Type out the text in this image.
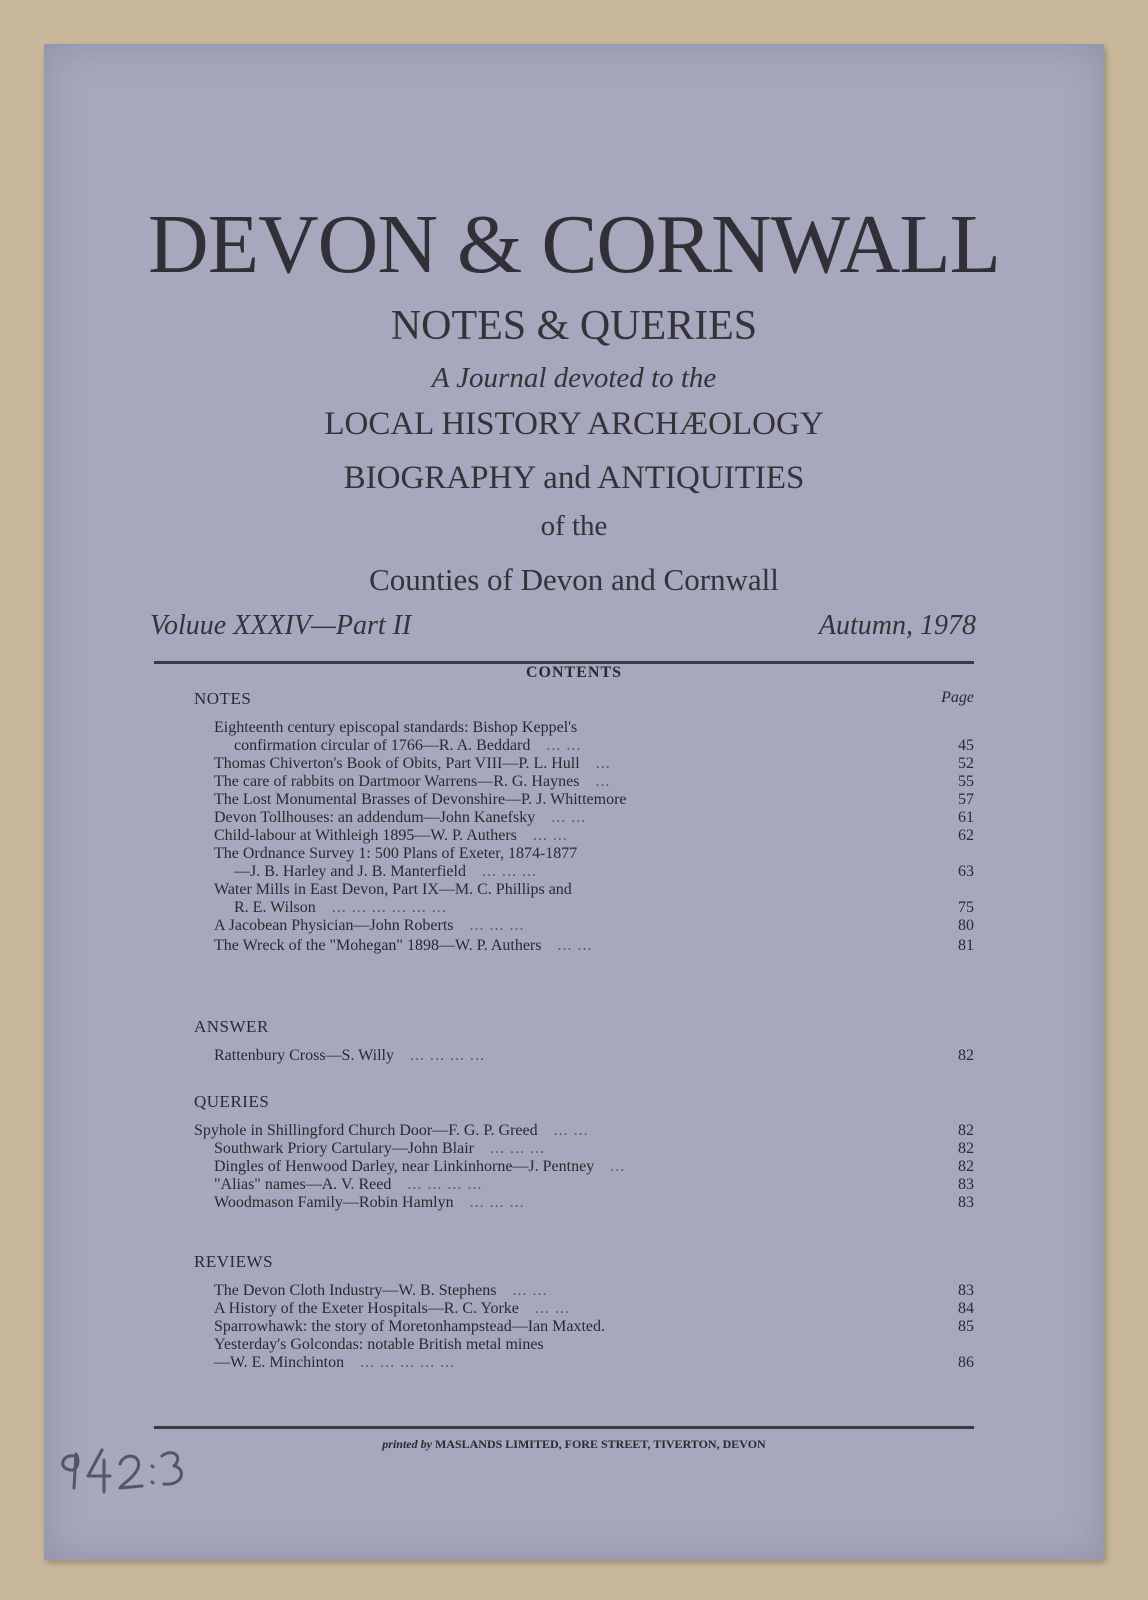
DEVON & CORNWALL
NOTES & QUERIES
A Journal devoted to the
LOCAL HISTORY ARCHÆOLOGY
BIOGRAPHY and ANTIQUITIES
of the
Counties of Devon and Cornwall
Voluue XXXIV—Part II	Autumn, 1978
CONTENTS
NOTES	Page
ANSWER
QUERIES
REVIEWS
Eighteenth century episcopal standards: Bishop Keppel's
confirmation circular of 1766—R. A. Beddard ... ...	45
Thomas Chiverton's Book of Obits, Part VIII—P. L. Hull ...	52
The care of rabbits on Dartmoor Warrens—R. G. Haynes ...	55
The Lost Monumental Brasses of Devonshire—P. J. Whittemore	57
Devon Tollhouses: an addendum—John Kanefsky ... ...	61
Child-labour at Withleigh 1895—W. P. Authers ... ...	62
The Ordnance Survey 1: 500 Plans of Exeter, 1874-1877
—J. B. Harley and J. B. Manterfield ... ... ...	63
Water Mills in East Devon, Part IX—M. C. Phillips and
R. E. Wilson ... ... ... ... ... ...	75
A Jacobean Physician—John Roberts ... ... ...	80
The Wreck of the "Mohegan" 1898—W. P. Authers ... ...	81
Rattenbury Cross—S. Willy ... ... ... ...	82
Spyhole in Shillingford Church Door—F. G. P. Greed ... ...	82
Southwark Priory Cartulary—John Blair ... ... ...	82
Dingles of Henwood Darley, near Linkinhorne—J. Pentney ...	82
"Alias" names—A. V. Reed ... ... ... ...	83
Woodmason Family—Robin Hamlyn ... ... ...	83
The Devon Cloth Industry—W. B. Stephens ... ...	83
A History of the Exeter Hospitals—R. C. Yorke ... ...	84
Sparrowhawk: the story of Moretonhampstead—Ian Maxted.	85
Yesterday's Golcondas: notable British metal mines
—W. E. Minchinton ... ... ... ... ...	86
printed by MASLANDS LIMITED, FORE STREET, TIVERTON, DEVON
